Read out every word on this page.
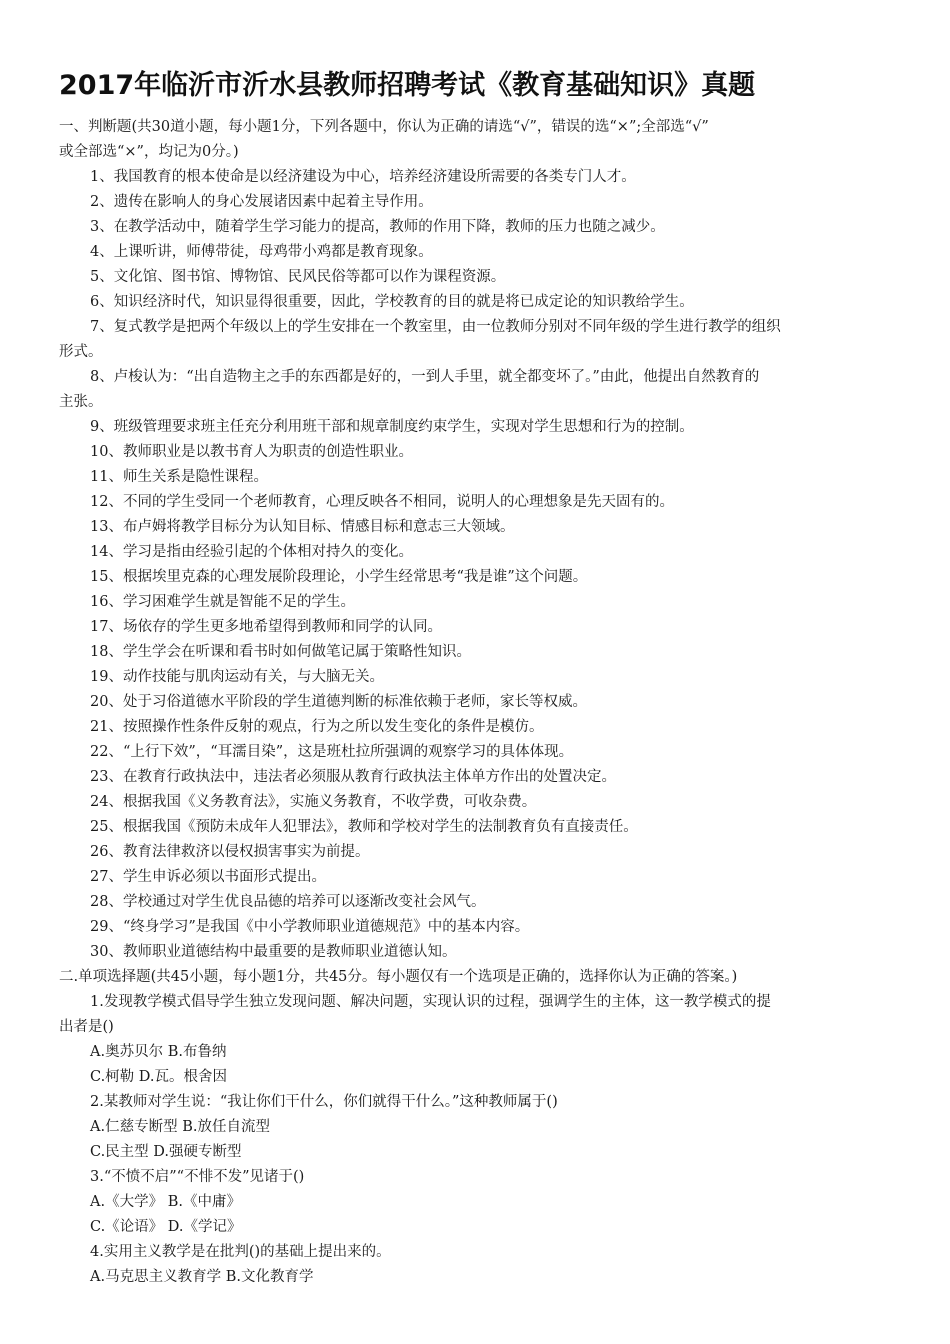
2017年临沂市沂水县教师招聘考试《教育基础知识》真题

一、判断题(共30道小题，每小题1分，下列各题中，你认为正确的请选“√”，错误的选“×”;全部选“√”

或全部选“×”，均记为0分。)

1、我国教育的根本使命是以经济建设为中心，培养经济建设所需要的各类专门人才。

2、遗传在影响人的身心发展诸因素中起着主导作用。

3、在教学活动中，随着学生学习能力的提高，教师的作用下降，教师的压力也随之减少。

4、上课听讲，师傅带徒，母鸡带小鸡都是教育现象。

5、文化馆、图书馆、博物馆、民风民俗等都可以作为课程资源。

6、知识经济时代，知识显得很重要，因此，学校教育的目的就是将已成定论的知识教给学生。

7、复式教学是把两个年级以上的学生安排在一个教室里，由一位教师分别对不同年级的学生进行教学的组织

形式。

8、卢梭认为：“出自造物主之手的东西都是好的，一到人手里，就全都变坏了。”由此，他提出自然教育的

主张。

9、班级管理要求班主任充分利用班干部和规章制度约束学生，实现对学生思想和行为的控制。

10、教师职业是以教书育人为职责的创造性职业。

11、师生关系是隐性课程。

12、不同的学生受同一个老师教育，心理反映各不相同，说明人的心理想象是先天固有的。

13、布卢姆将教学目标分为认知目标、情感目标和意志三大领域。

14、学习是指由经验引起的个体相对持久的变化。

15、根据埃里克森的心理发展阶段理论，小学生经常思考“我是谁”这个问题。

16、学习困难学生就是智能不足的学生。

17、场依存的学生更多地希望得到教师和同学的认同。

18、学生学会在听课和看书时如何做笔记属于策略性知识。

19、动作技能与肌肉运动有关，与大脑无关。

20、处于习俗道德水平阶段的学生道德判断的标准依赖于老师，家长等权威。

21、按照操作性条件反射的观点，行为之所以发生变化的条件是模仿。

22、“上行下效”，“耳濡目染”，这是班杜拉所强调的观察学习的具体体现。

23、在教育行政执法中，违法者必须服从教育行政执法主体单方作出的处置决定。

24、根据我国《义务教育法》，实施义务教育，不收学费，可收杂费。

25、根据我国《预防未成年人犯罪法》，教师和学校对学生的法制教育负有直接责任。

26、教育法律救济以侵权损害事实为前提。

27、学生申诉必须以书面形式提出。

28、学校通过对学生优良品德的培养可以逐渐改变社会风气。

29、“终身学习”是我国《中小学教师职业道德规范》中的基本内容。

30、教师职业道德结构中最重要的是教师职业道德认知。

二.单项选择题(共45小题，每小题1分，共45分。每小题仅有一个选项是正确的，选择你认为正确的答案。)

1.发现教学模式倡导学生独立发现问题、解决问题，实现认识的过程，强调学生的主体，这一教学模式的提

出者是()

A.奥苏贝尔 B.布鲁纳

C.柯勒 D.瓦。根舍因

2.某教师对学生说：“我让你们干什么，你们就得干什么。”这种教师属于()

A.仁慈专断型 B.放任自流型

C.民主型 D.强硬专断型

3.“不愤不启”“不悱不发”见诸于()

A.《大学》 B.《中庸》

C.《论语》 D.《学记》

4.实用主义教学是在批判()的基础上提出来的。

A.马克思主义教育学 B.文化教育学
